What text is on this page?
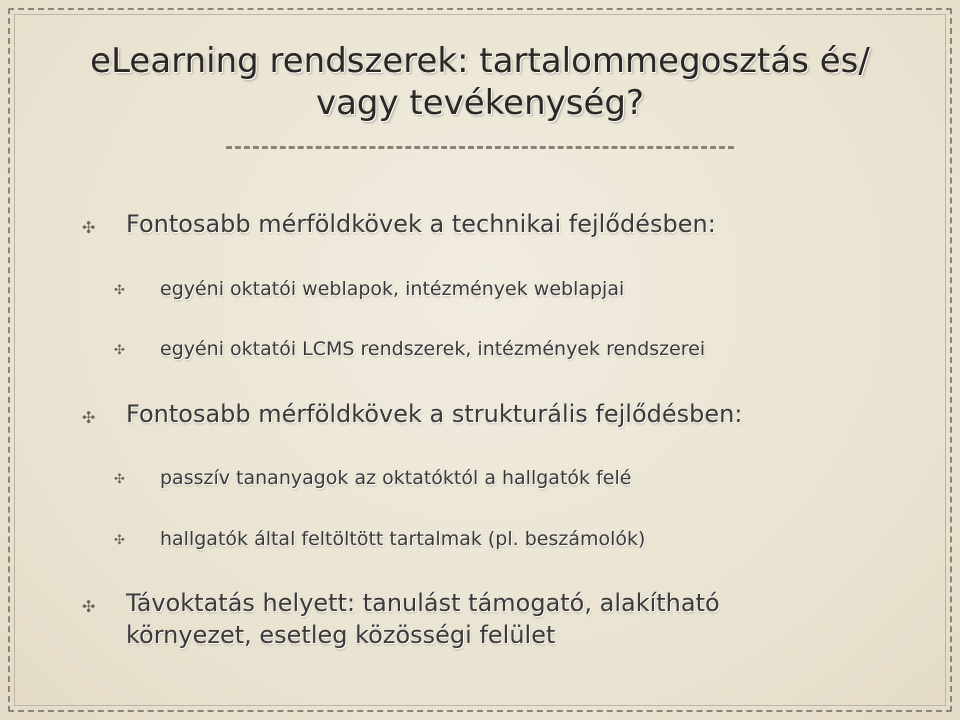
eLearning rendszerek: tartalommegosztás és/
vagy tevékenység?
✣ Fontosabb mérföldkövek a technikai fejlődésben:
✣ egyéni oktatói weblapok, intézmények weblapjai
✣ egyéni oktatói LCMS rendszerek, intézmények rendszerei
✣ Fontosabb mérföldkövek a strukturális fejlődésben:
✣ passzív tananyagok az oktatóktól a hallgatók felé
✣ hallgatók által feltöltött tartalmak (pl. beszámolók)
✣ Távoktatás helyett: tanulást támogató, alakítható
környezet, esetleg közösségi felület
